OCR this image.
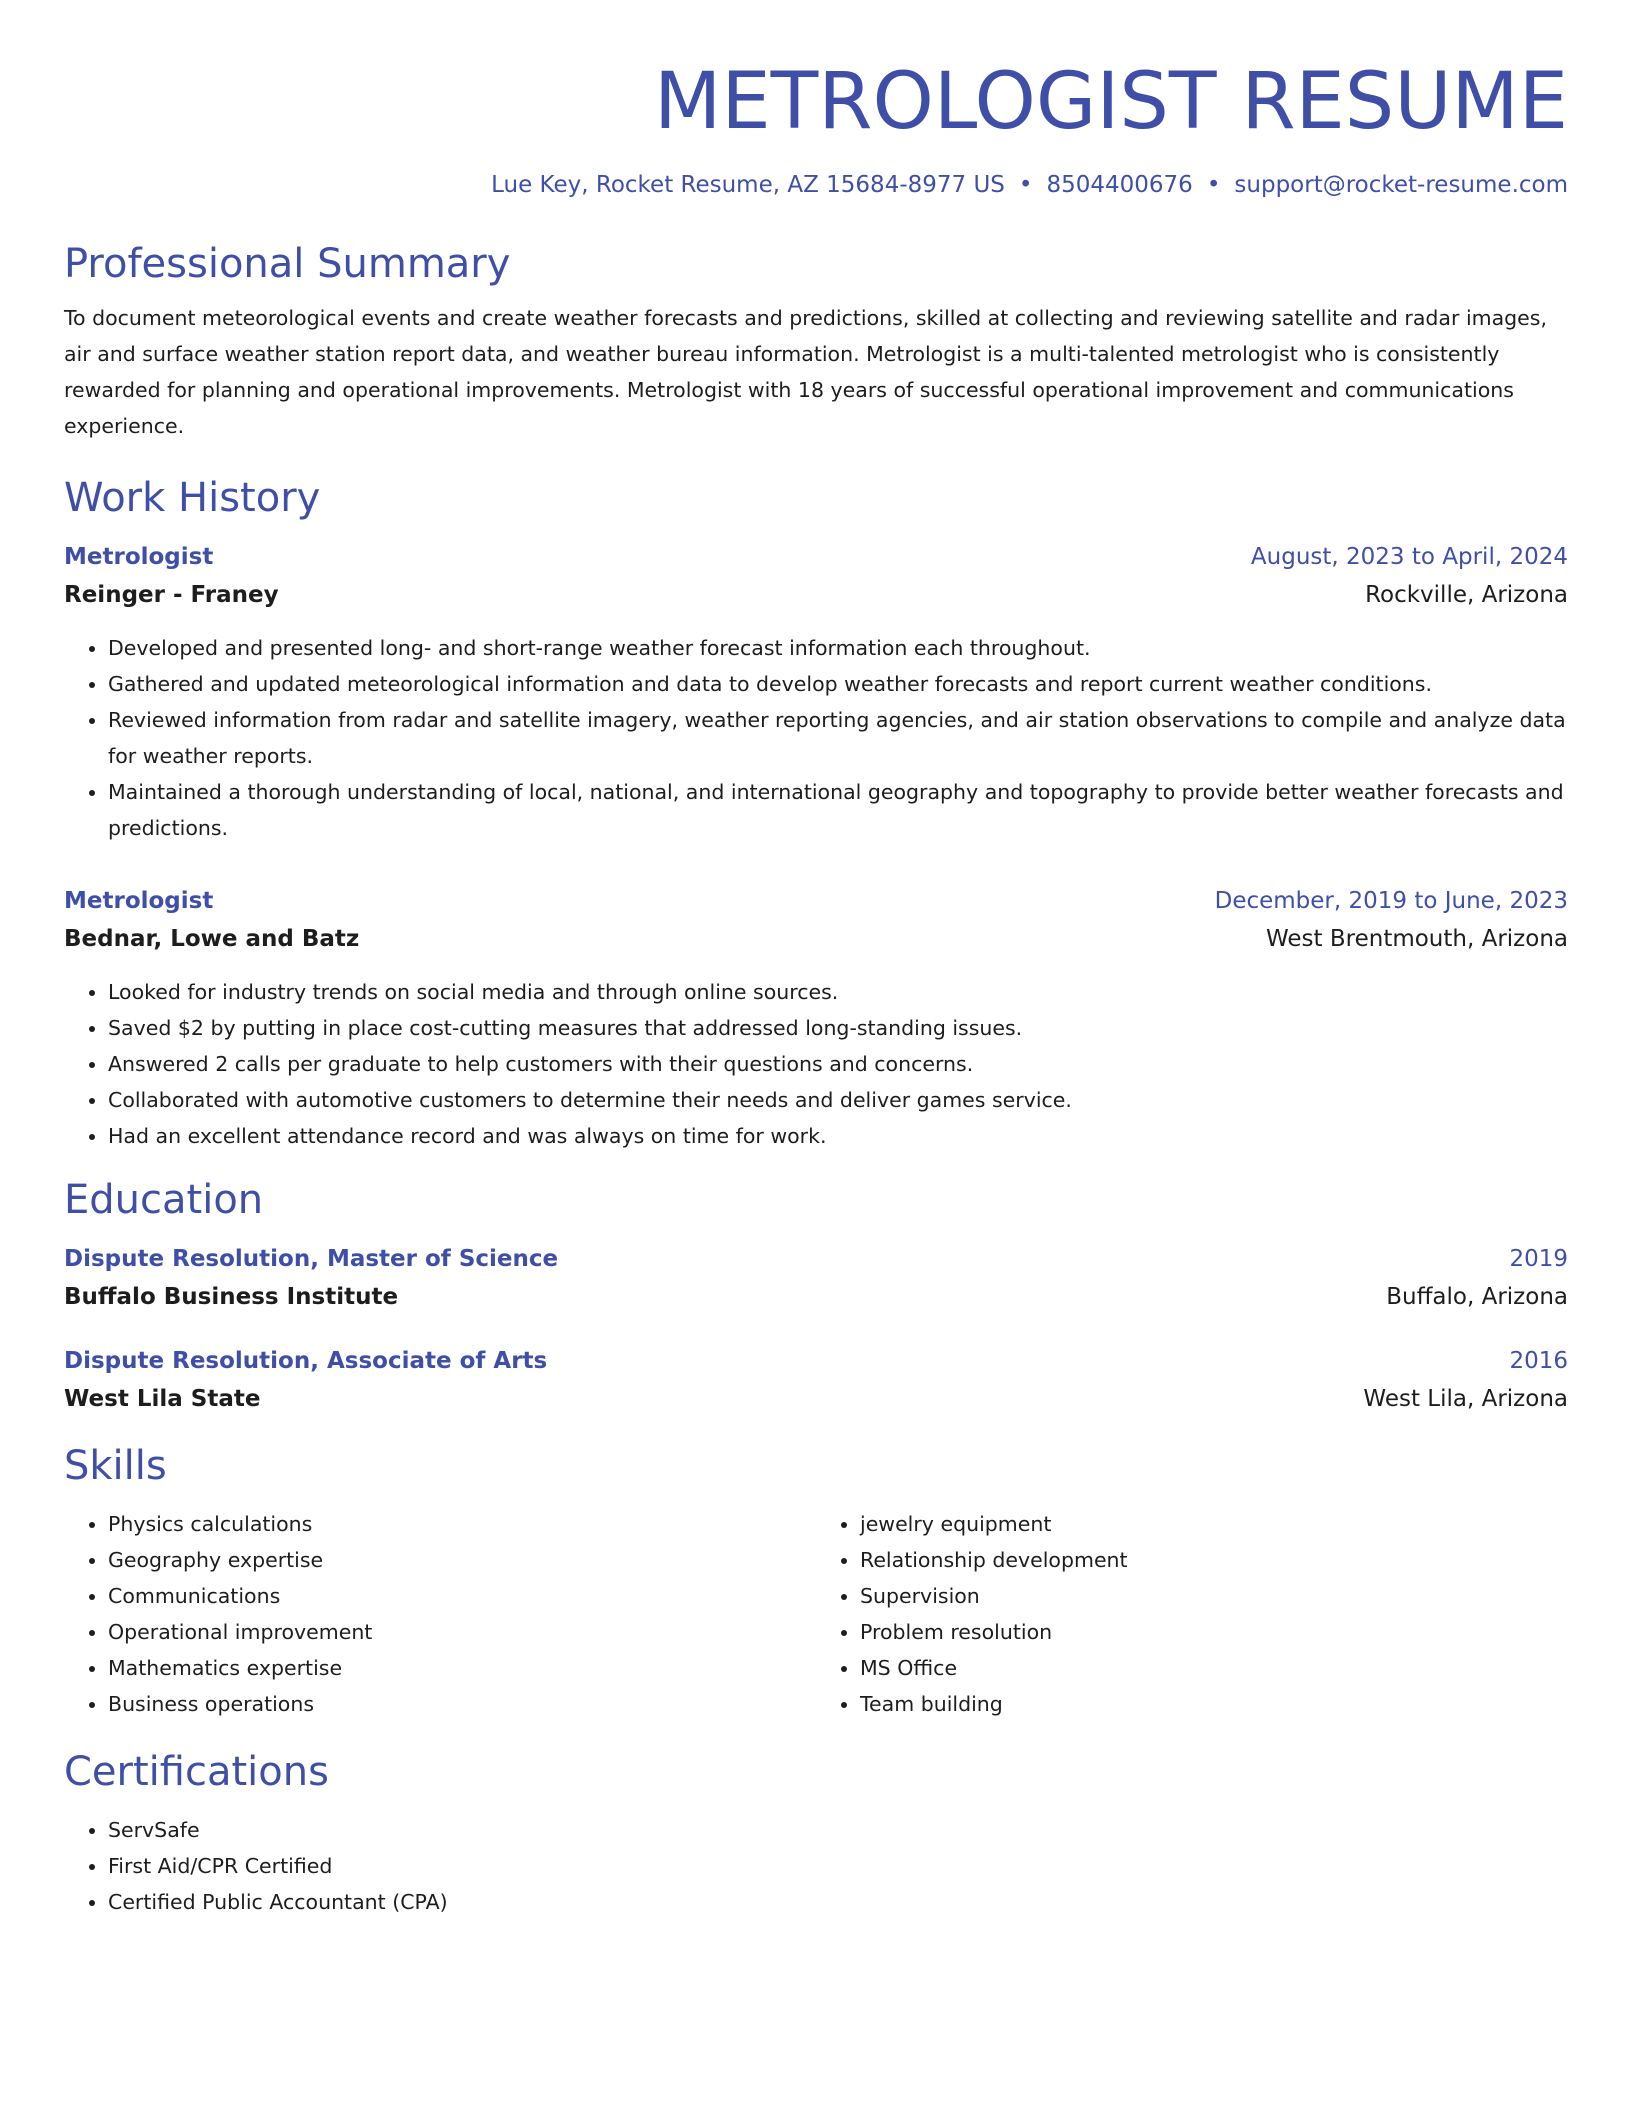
METROLOGIST RESUME
Lue Key, Rocket Resume, AZ 15684-8977 US • 8504400676 • support@rocket-resume.com
Professional Summary
To document meteorological events and create weather forecasts and predictions, skilled at collecting and reviewing satellite and radar images, air and surface weather station report data, and weather bureau information. Metrologist is a multi-talented metrologist who is consistently rewarded for planning and operational improvements. Metrologist with 18 years of successful operational improvement and communications experience.
Work History
Metrologist	August, 2023 to April, 2024
Reinger - Franey	Rockville, Arizona
• Developed and presented long- and short-range weather forecast information each throughout.
• Gathered and updated meteorological information and data to develop weather forecasts and report current weather conditions.
• Reviewed information from radar and satellite imagery, weather reporting agencies, and air station observations to compile and analyze data for weather reports.
• Maintained a thorough understanding of local, national, and international geography and topography to provide better weather forecasts and predictions.
Metrologist	December, 2019 to June, 2023
Bednar, Lowe and Batz	West Brentmouth, Arizona
• Looked for industry trends on social media and through online sources.
• Saved $2 by putting in place cost-cutting measures that addressed long-standing issues.
• Answered 2 calls per graduate to help customers with their questions and concerns.
• Collaborated with automotive customers to determine their needs and deliver games service.
• Had an excellent attendance record and was always on time for work.
Education
Dispute Resolution, Master of Science	2019
Buffalo Business Institute	Buffalo, Arizona
Dispute Resolution, Associate of Arts	2016
West Lila State	West Lila, Arizona
Skills
• Physics calculations
• Geography expertise
• Communications
• Operational improvement
• Mathematics expertise
• Business operations
• jewelry equipment
• Relationship development
• Supervision
• Problem resolution
• MS Office
• Team building
Certifications
• ServSafe
• First Aid/CPR Certified
• Certified Public Accountant (CPA)
